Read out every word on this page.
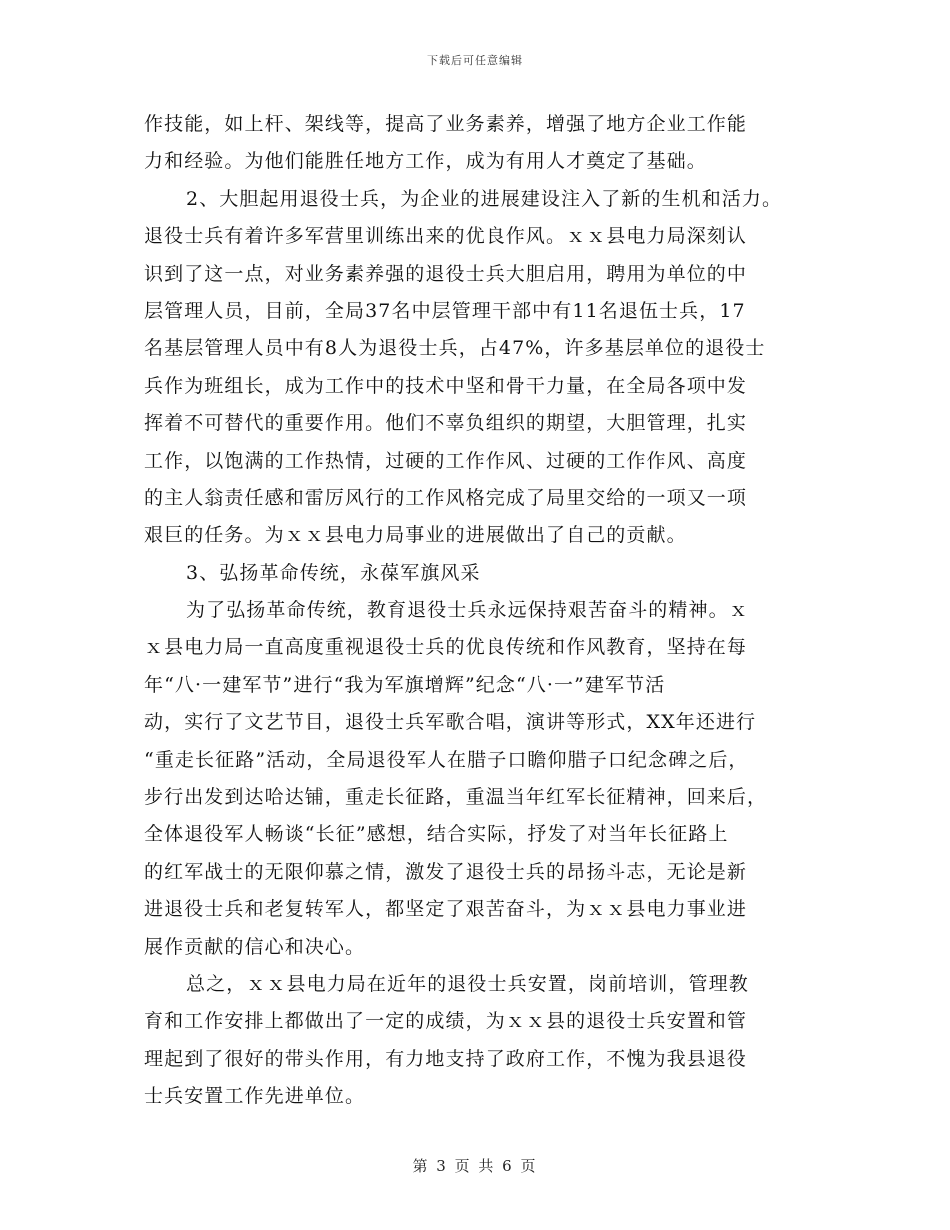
下载后可任意编辑
作技能，如上杆、架线等，提高了业务素养，增强了地方企业工作能
力和经验。为他们能胜任地方工作，成为有用人才奠定了基础。
2、大胆起用退役士兵，为企业的进展建设注入了新的生机和活力。
退役士兵有着许多军营里训练出来的优良作风。ｘｘ县电力局深刻认
识到了这一点，对业务素养强的退役士兵大胆启用，聘用为单位的中
层管理人员，目前，全局37名中层管理干部中有11名退伍士兵，17
名基层管理人员中有8人为退役士兵，占47%，许多基层单位的退役士
兵作为班组长，成为工作中的技术中坚和骨干力量，在全局各项中发
挥着不可替代的重要作用。他们不辜负组织的期望，大胆管理，扎实
工作，以饱满的工作热情，过硬的工作作风、过硬的工作作风、高度
的主人翁责任感和雷厉风行的工作风格完成了局里交给的一项又一项
艰巨的任务。为ｘｘ县电力局事业的进展做出了自己的贡献。
3、弘扬革命传统，永葆军旗风采
为了弘扬革命传统，教育退役士兵永远保持艰苦奋斗的精神。ｘ
ｘ县电力局一直高度重视退役士兵的优良传统和作风教育，坚持在每
年“八·一建军节”进行“我为军旗增辉”纪念“八·一”建军节活
动，实行了文艺节目，退役士兵军歌合唱，演讲等形式，XX年还进行
“重走长征路”活动，全局退役军人在腊子口瞻仰腊子口纪念碑之后，
步行出发到达哈达铺，重走长征路，重温当年红军长征精神，回来后，
全体退役军人畅谈“长征”感想，结合实际，抒发了对当年长征路上
的红军战士的无限仰慕之情，激发了退役士兵的昂扬斗志，无论是新
进退役士兵和老复转军人，都坚定了艰苦奋斗，为ｘｘ县电力事业进
展作贡献的信心和决心。
总之，ｘｘ县电力局在近年的退役士兵安置，岗前培训，管理教
育和工作安排上都做出了一定的成绩，为ｘｘ县的退役士兵安置和管
理起到了很好的带头作用，有力地支持了政府工作，不愧为我县退役
士兵安置工作先进单位。
第 3 页 共 6 页
